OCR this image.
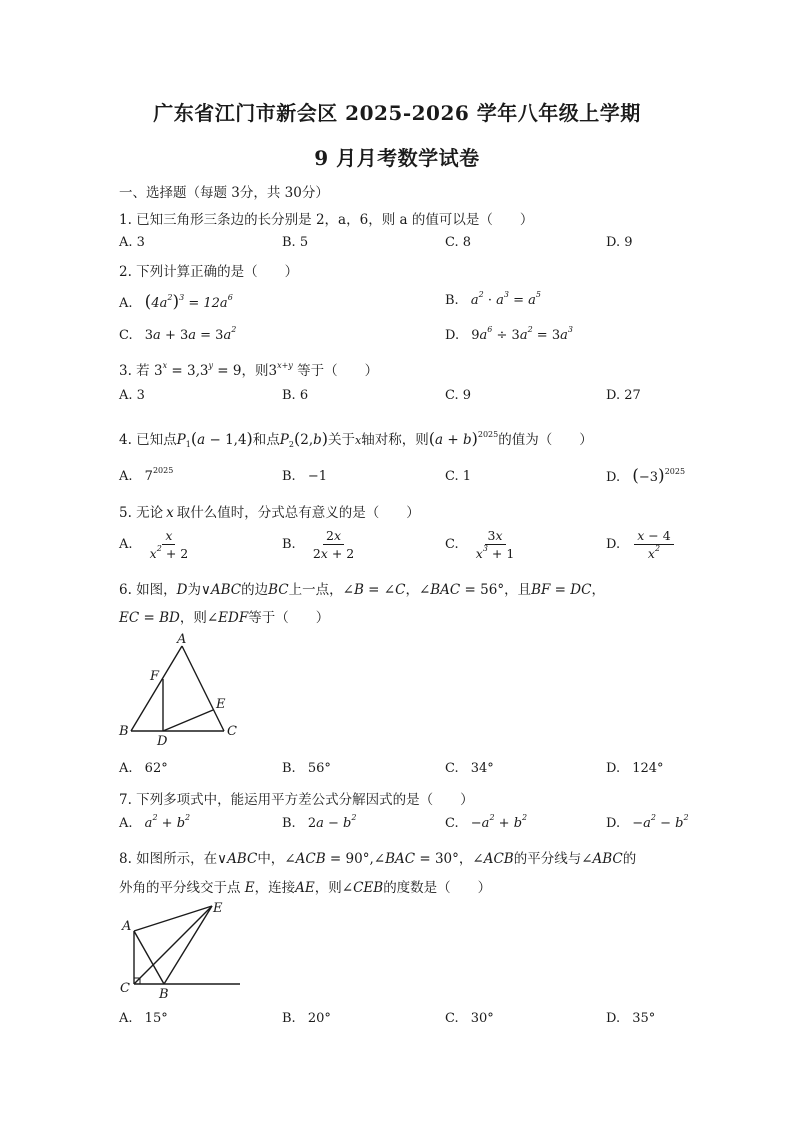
广东省江门市新会区 2025-2026 学年八年级上学期
9 月月考数学试卷
一、选择题（每题 3分，共 30分）
1. 已知三角形三条边的长分别是 2，a，6，则 a 的值可以是（　　）
A. 3	B. 5	C. 8	D. 9
2. 下列计算正确的是（　　）
A. $(4a^2)^3 = 12a^6$	B. $a^2 \cdot a^3 = a^5$
C. $3a + 3a = 3a^2$	D. $9a^6 \div 3a^2 = 3a^3$
3. 若 $3^x = 3,3^y = 9$，则$3^{x+y}$ 等于（　　）
A. 3	B. 6	C. 9	D. 27
4. 已知点$P_1(a - 1,4)$和点$P_2(2,b)$关于x轴对称，则$(a + b)^{2025}$的值为（　　）
A. $7^{2025}$	B. −1	C. 1	D. $(-3)^{2025}$
5. 无论 x 取什么值时，分式总有意义的是（　　）
A. $\frac{x}{x^2 + 2}$	B. $\frac{2x}{2x + 2}$	C. $\frac{3x}{x^3 + 1}$	D. $\frac{x - 4}{x^2}$
6. 如图，D为∨ABC的边BC上一点，∠B = ∠C，∠BAC = 56°，且BF = DC，
EC = BD，则∠EDF等于（　　）
A
B	C
D
E
F
A. 62°	B. 56°	C. 34°	D. 124°
7. 下列多项式中，能运用平方差公式分解因式的是（　　）
A. $a^2 + b^2$	B. $2a - b^2$	C. $-a^2 + b^2$	D. $-a^2 - b^2$
8. 如图所示，在∨ABC中，∠ACB = 90°,∠BAC = 30°，∠ACB的平分线与∠ABC的
外角的平分线交于点 E，连接AE，则∠CEB的度数是（　　）
A
B
C
E
A. 15°	B. 20°	C. 30°	D. 35°
